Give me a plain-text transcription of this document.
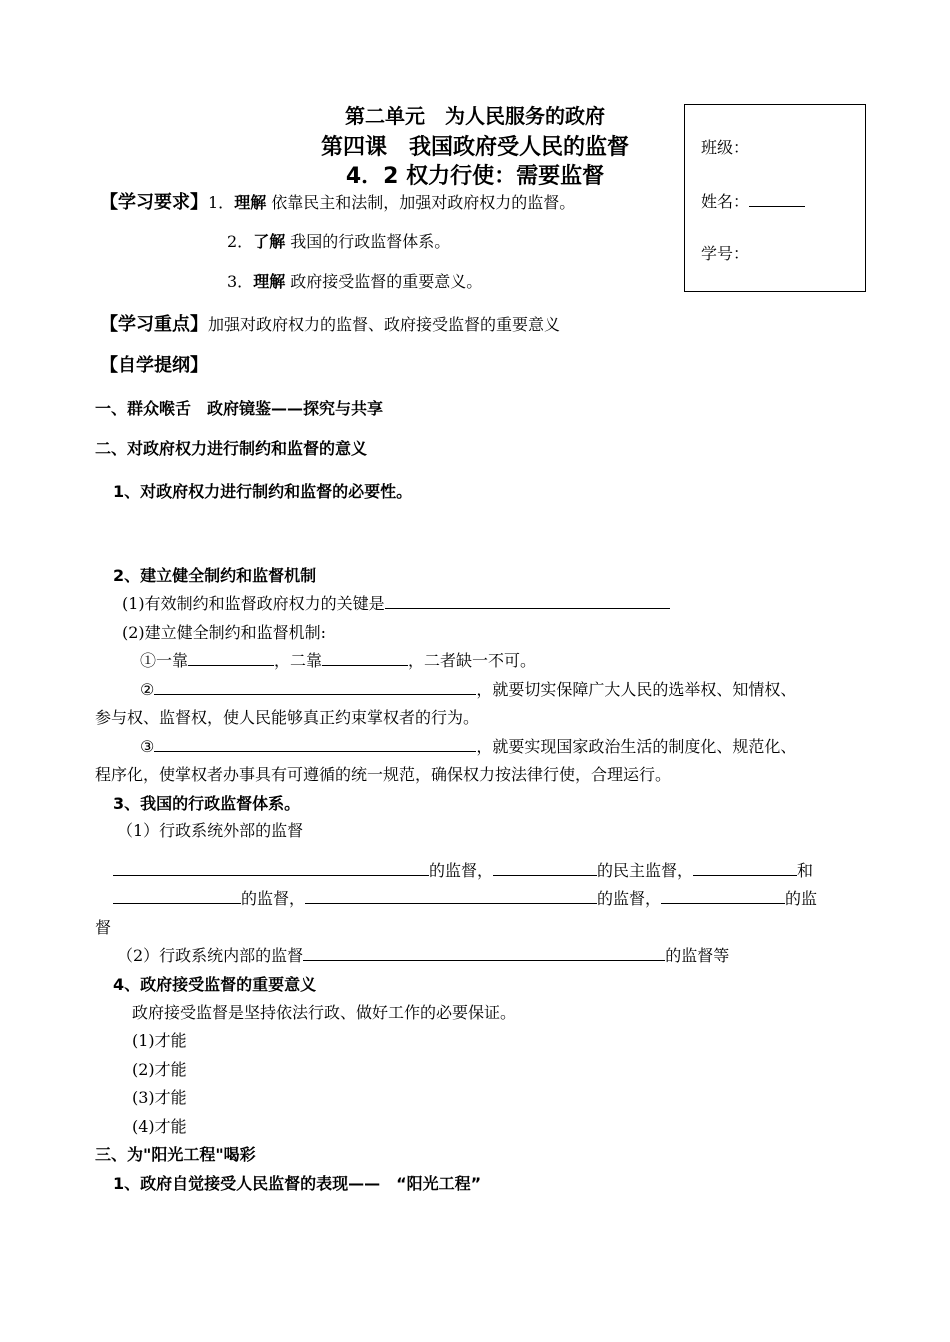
第二单元　为人民服务的政府
第四课　我国政府受人民的监督
4．2 权力行使：需要监督
班级：
姓名：
学号：
【学习要求】1．理解 依靠民主和法制，加强对政府权力的监督。
2．了解 我国的行政监督体系。
3．理解 政府接受监督的重要意义。
【学习重点】加强对政府权力的监督、政府接受监督的重要意义
【自学提纲】
一、群众喉舌　政府镜鉴——探究与共享
二、对政府权力进行制约和监督的意义
1、对政府权力进行制约和监督的必要性。
2、建立健全制约和监督机制
(1)有效制约和监督政府权力的关键是
(2)建立健全制约和监督机制:
①一靠	，二靠	，二者缺一不可。
②	，就要切实保障广大人民的选举权、知情权、
参与权、监督权，使人民能够真正约束掌权者的行为。
③	，就要实现国家政治生活的制度化、规范化、
程序化，使掌权者办事具有可遵循的统一规范，确保权力按法律行使，合理运行。
3、我国的行政监督体系。
（1）行政系统外部的监督
的监督，	的民主监督，	和
的监督，	的监督，	的监
督
（2）行政系统内部的监督	的监督等
4、政府接受监督的重要意义
政府接受监督是坚持依法行政、做好工作的必要保证。
(1)才能
(2)才能
(3)才能
(4)才能
三、为"阳光工程"喝彩
1、政府自觉接受人民监督的表现——　“阳光工程”
